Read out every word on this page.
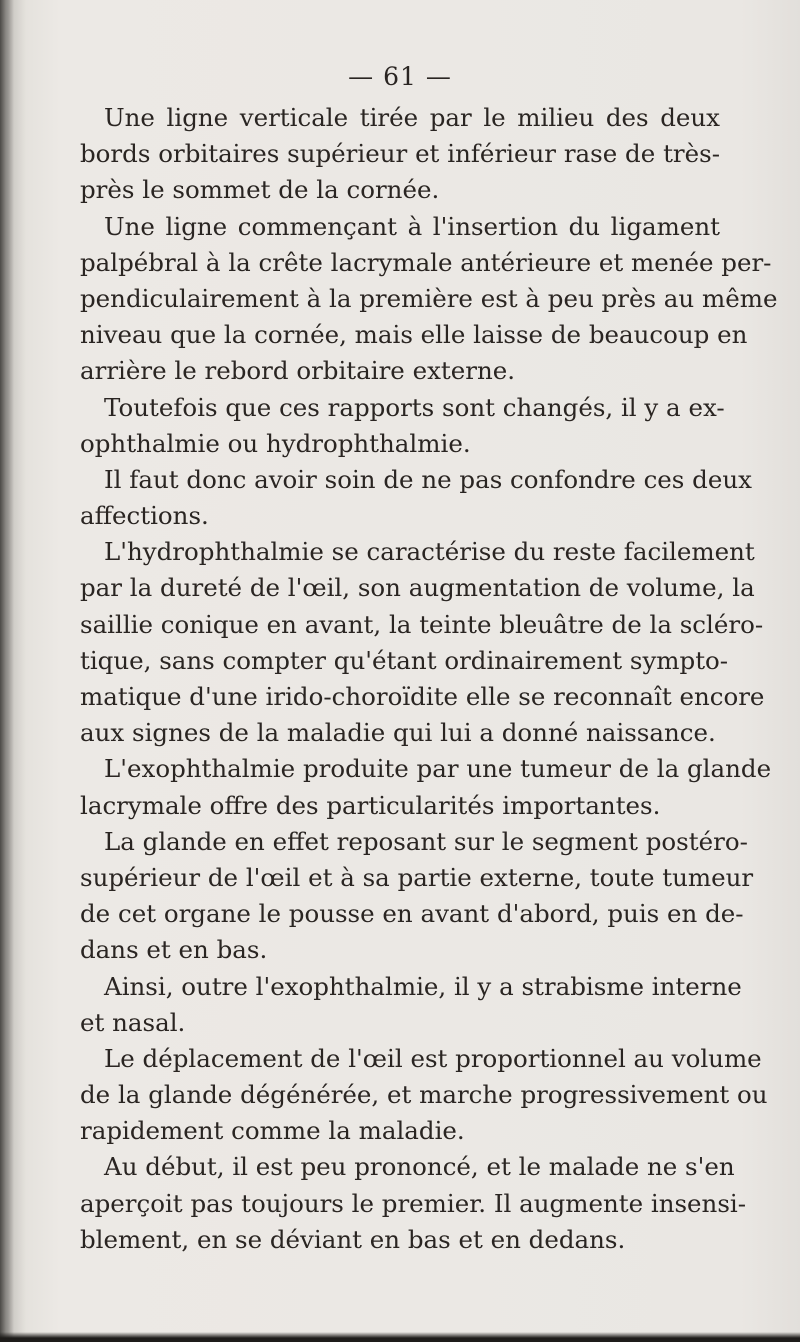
— 61 —
Une ligne verticale tirée par le milieu des deux
bords orbitaires supérieur et inférieur rase de très-
près le sommet de la cornée.
Une ligne commençant à l'insertion du ligament
palpébral à la crête lacrymale antérieure et menée per-
pendiculairement à la première est à peu près au même
niveau que la cornée, mais elle laisse de beaucoup en
arrière le rebord orbitaire externe.
Toutefois que ces rapports sont changés, il y a ex-
ophthalmie ou hydrophthalmie.
Il faut donc avoir soin de ne pas confondre ces deux
affections.
L'hydrophthalmie se caractérise du reste facilement
par la dureté de l'œil, son augmentation de volume, la
saillie conique en avant, la teinte bleuâtre de la scléro-
tique, sans compter qu'étant ordinairement sympto-
matique d'une irido-choroïdite elle se reconnaît encore
aux signes de la maladie qui lui a donné naissance.
L'exophthalmie produite par une tumeur de la glande
lacrymale offre des particularités importantes.
La glande en effet reposant sur le segment postéro-
supérieur de l'œil et à sa partie externe, toute tumeur
de cet organe le pousse en avant d'abord, puis en de-
dans et en bas.
Ainsi, outre l'exophthalmie, il y a strabisme interne
et nasal.
Le déplacement de l'œil est proportionnel au volume
de la glande dégénérée, et marche progressivement ou
rapidement comme la maladie.
Au début, il est peu prononcé, et le malade ne s'en
aperçoit pas toujours le premier. Il augmente insensi-
blement, en se déviant en bas et en dedans.
